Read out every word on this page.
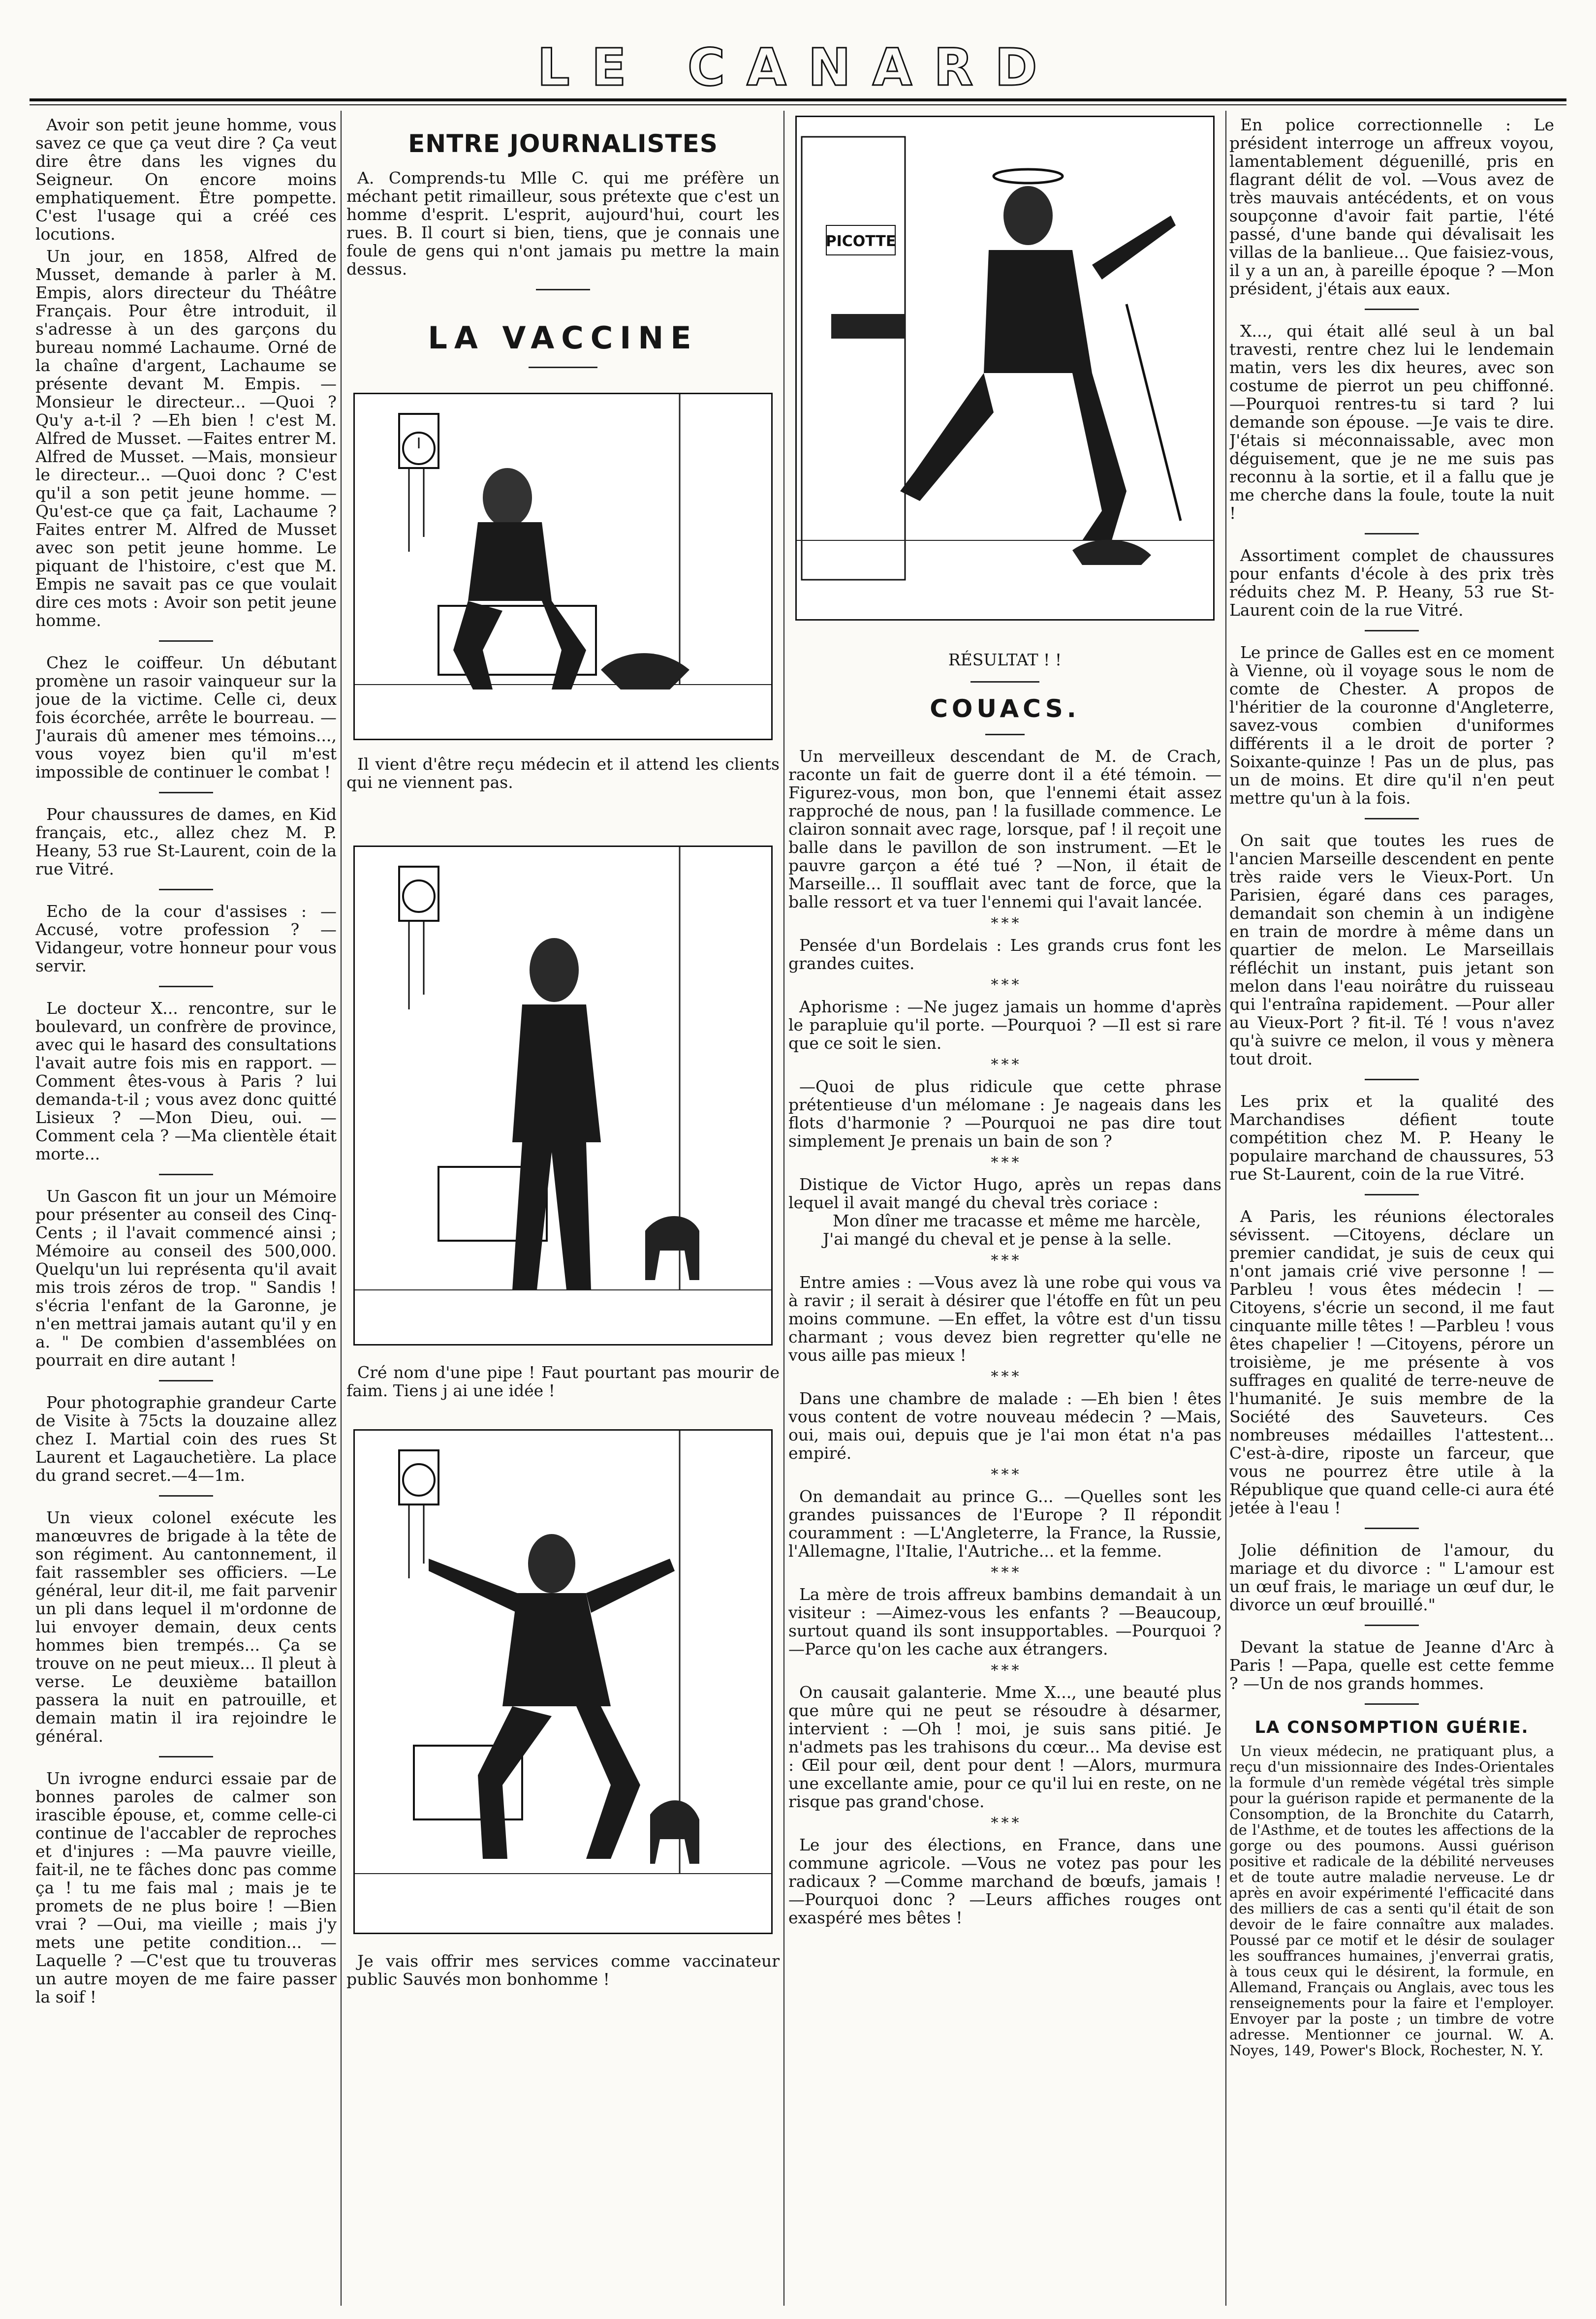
LE CANARD

Avoir son petit jeune homme, vous savez ce que ça veut dire ? Ça veut dire être dans les vignes du Seigneur. On encore moins emphatiquement. Être pompette. C'est l'usage qui a créé ces locutions.

Un jour, en 1858, Alfred de Musset, demande à parler à M. Empis, alors directeur du Théâtre Français. Pour être introduit, il s'adresse à un des garçons du bureau nommé Lachaume. Orné de la chaîne d'argent, Lachaume se présente devant M. Empis. —Monsieur le directeur... —Quoi ? Qu'y a-t-il ? —Eh bien ! c'est M. Alfred de Musset. —Faites entrer M. Alfred de Musset. —Mais, monsieur le directeur... —Quoi donc ? C'est qu'il a son petit jeune homme. —Qu'est-ce que ça fait, Lachaume ? Faites entrer M. Alfred de Musset avec son petit jeune homme. Le piquant de l'histoire, c'est que M. Empis ne savait pas ce que voulait dire ces mots : Avoir son petit jeune homme.

Chez le coiffeur. Un débutant promène un rasoir vainqueur sur la joue de la victime. Celle ci, deux fois écorchée, arrête le bourreau. —J'aurais dû amener mes témoins..., vous voyez bien qu'il m'est impossible de continuer le combat !

Pour chaussures de dames, en Kid français, etc., allez chez M. P. Heany, 53 rue St-Laurent, coin de la rue Vitré.

Echo de la cour d'assises : —Accusé, votre profession ? —Vidangeur, votre honneur pour vous servir.

Le docteur X... rencontre, sur le boulevard, un confrère de province, avec qui le hasard des consultations l'avait autre fois mis en rapport. —Comment êtes-vous à Paris ? lui demanda-t-il ; vous avez donc quitté Lisieux ? —Mon Dieu, oui. —Comment cela ? —Ma clientèle était morte...

Un Gascon fit un jour un Mémoire pour présenter au conseil des Cinq-Cents ; il l'avait commencé ainsi ; Mémoire au conseil des 500,000. Quelqu'un lui représenta qu'il avait mis trois zéros de trop. " Sandis ! s'écria l'enfant de la Garonne, je n'en mettrai jamais autant qu'il y en a. " De combien d'assemblées on pourrait en dire autant !

Pour photographie grandeur Carte de Visite à 75cts la douzaine allez chez I. Martial coin des rues St Laurent et Lagauchetière. La place du grand secret.—4—1m.

Un vieux colonel exécute les manœuvres de brigade à la tête de son régiment. Au cantonnement, il fait rassembler ses officiers. —Le général, leur dit-il, me fait parvenir un pli dans lequel il m'ordonne de lui envoyer demain, deux cents hommes bien trempés... Ça se trouve on ne peut mieux... Il pleut à verse. Le deuxième bataillon passera la nuit en patrouille, et demain matin il ira rejoindre le général.

Un ivrogne endurci essaie par de bonnes paroles de calmer son irascible épouse, et, comme celle-ci continue de l'accabler de reproches et d'injures : —Ma pauvre vieille, fait-il, ne te fâches donc pas comme ça ! tu me fais mal ; mais je te promets de ne plus boire ! —Bien vrai ? —Oui, ma vieille ; mais j'y mets une petite condition... —Laquelle ? —C'est que tu trouveras un autre moyen de me faire passer la soif !

ENTRE JOURNALISTES

A. Comprends-tu Mlle C. qui me préfère un méchant petit rimailleur, sous prétexte que c'est un homme d'esprit. L'esprit, aujourd'hui, court les rues. B. Il court si bien, tiens, que je connais une foule de gens qui n'ont jamais pu mettre la main dessus.

LA VACCINE

Il vient d'être reçu médecin et il attend les clients qui ne viennent pas.

Cré nom d'une pipe ! Faut pourtant pas mourir de faim. Tiens j ai une idée !

Je vais offrir mes services comme vaccinateur public Sauvés mon bonhomme !

PICOTTE
RÉSULTAT ! !
COUACS.

Un merveilleux descendant de M. de Crach, raconte un fait de guerre dont il a été témoin. —Figurez-vous, mon bon, que l'ennemi était assez rapproché de nous, pan ! la fusillade commence. Le clairon sonnait avec rage, lorsque, paf ! il reçoit une balle dans le pavillon de son instrument. —Et le pauvre garçon a été tué ? —Non, il était de Marseille... Il soufflait avec tant de force, que la balle ressort et va tuer l'ennemi qui l'avait lancée.

* * *

Pensée d'un Bordelais : Les grands crus font les grandes cuites.

* * *

Aphorisme : —Ne jugez jamais un homme d'après le parapluie qu'il porte. —Pourquoi ? —Il est si rare que ce soit le sien.

* * *

—Quoi de plus ridicule que cette phrase prétentieuse d'un mélomane : Je nageais dans les flots d'harmonie ? —Pourquoi ne pas dire tout simplement Je prenais un bain de son ?

* * *

Distique de Victor Hugo, après un repas dans lequel il avait mangé du cheval très coriace :

Mon dîner me tracasse et même me harcèle,

J'ai mangé du cheval et je pense à la selle.

* * *

Entre amies : —Vous avez là une robe qui vous va à ravir ; il serait à désirer que l'étoffe en fût un peu moins commune. —En effet, la vôtre est d'un tissu charmant ; vous devez bien regretter qu'elle ne vous aille pas mieux !

* * *

Dans une chambre de malade : —Eh bien ! êtes vous content de votre nouveau médecin ? —Mais, oui, mais oui, depuis que je l'ai mon état n'a pas empiré.

* * *

On demandait au prince G... —Quelles sont les grandes puissances de l'Europe ? Il répondit couramment : —L'Angleterre, la France, la Russie, l'Allemagne, l'Italie, l'Autriche... et la femme.

* * *

La mère de trois affreux bambins demandait à un visiteur : —Aimez-vous les enfants ? —Beaucoup, surtout quand ils sont insupportables. —Pourquoi ? —Parce qu'on les cache aux étrangers.

* * *

On causait galanterie. Mme X..., une beauté plus que mûre qui ne peut se résoudre à désarmer, intervient : —Oh ! moi, je suis sans pitié. Je n'admets pas les trahisons du cœur... Ma devise est : Œil pour œil, dent pour dent ! —Alors, murmura une excellante amie, pour ce qu'il lui en reste, on ne risque pas grand'chose.

* * *

Le jour des élections, en France, dans une commune agricole. —Vous ne votez pas pour les radicaux ? —Comme marchand de bœufs, jamais ! —Pourquoi donc ? —Leurs affiches rouges ont exaspéré mes bêtes !

En police correctionnelle : Le président interroge un affreux voyou, lamentablement déguenillé, pris en flagrant délit de vol. —Vous avez de très mauvais antécédents, et on vous soupçonne d'avoir fait partie, l'été passé, d'une bande qui dévalisait les villas de la banlieue... Que faisiez-vous, il y a un an, à pareille époque ? —Mon président, j'étais aux eaux.

X..., qui était allé seul à un bal travesti, rentre chez lui le lendemain matin, vers les dix heures, avec son costume de pierrot un peu chiffonné. —Pourquoi rentres-tu si tard ? lui demande son épouse. —Je vais te dire. J'étais si méconnaissable, avec mon déguisement, que je ne me suis pas reconnu à la sortie, et il a fallu que je me cherche dans la foule, toute la nuit !

Assortiment complet de chaussures pour enfants d'école à des prix très réduits chez M. P. Heany, 53 rue St-Laurent coin de la rue Vitré.

Le prince de Galles est en ce moment à Vienne, où il voyage sous le nom de comte de Chester. A propos de l'héritier de la couronne d'Angleterre, savez-vous combien d'uniformes différents il a le droit de porter ? Soixante-quinze ! Pas un de plus, pas un de moins. Et dire qu'il n'en peut mettre qu'un à la fois.

On sait que toutes les rues de l'ancien Marseille descendent en pente très raide vers le Vieux-Port. Un Parisien, égaré dans ces parages, demandait son chemin à un indigène en train de mordre à même dans un quartier de melon. Le Marseillais réfléchit un instant, puis jetant son melon dans l'eau noirâtre du ruisseau qui l'entraîna rapidement. —Pour aller au Vieux-Port ? fit-il. Té ! vous n'avez qu'à suivre ce melon, il vous y mènera tout droit.

Les prix et la qualité des Marchandises défient toute compétition chez M. P. Heany le populaire marchand de chaussures, 53 rue St-Laurent, coin de la rue Vitré.

A Paris, les réunions électorales sévissent. —Citoyens, déclare un premier candidat, je suis de ceux qui n'ont jamais crié vive personne ! —Parbleu ! vous êtes médecin ! —Citoyens, s'écrie un second, il me faut cinquante mille têtes ! —Parbleu ! vous êtes chapelier ! —Citoyens, pérore un troisième, je me présente à vos suffrages en qualité de terre-neuve de l'humanité. Je suis membre de la Société des Sauveteurs. Ces nombreuses médailles l'attestent... C'est-à-dire, riposte un farceur, que vous ne pourrez être utile à la République que quand celle-ci aura été jetée à l'eau !

Jolie définition de l'amour, du mariage et du divorce : " L'amour est un œuf frais, le mariage un œuf dur, le divorce un œuf brouillé."

Devant la statue de Jeanne d'Arc à Paris ! —Papa, quelle est cette femme ? —Un de nos grands hommes.

LA CONSOMPTION GUÉRIE.

Un vieux médecin, ne pratiquant plus, a reçu d'un missionnaire des Indes-Orientales la formule d'un remède végétal très simple pour la guérison rapide et permanente de la Consomption, de la Bronchite du Catarrh, de l'Asthme, et de toutes les affections de la gorge ou des poumons. Aussi guérison positive et radicale de la débilité nerveuses et de toute autre maladie nerveuse. Le dr après en avoir expérimenté l'efficacité dans des milliers de cas a senti qu'il était de son devoir de le faire connaître aux malades. Poussé par ce motif et le désir de soulager les souffrances humaines, j'enverrai gratis, à tous ceux qui le désirent, la formule, en Allemand, Français ou Anglais, avec tous les renseignements pour la faire et l'employer. Envoyer par la poste ; un timbre de votre adresse. Mentionner ce journal. W. A. Noyes, 149, Power's Block, Rochester, N. Y.
